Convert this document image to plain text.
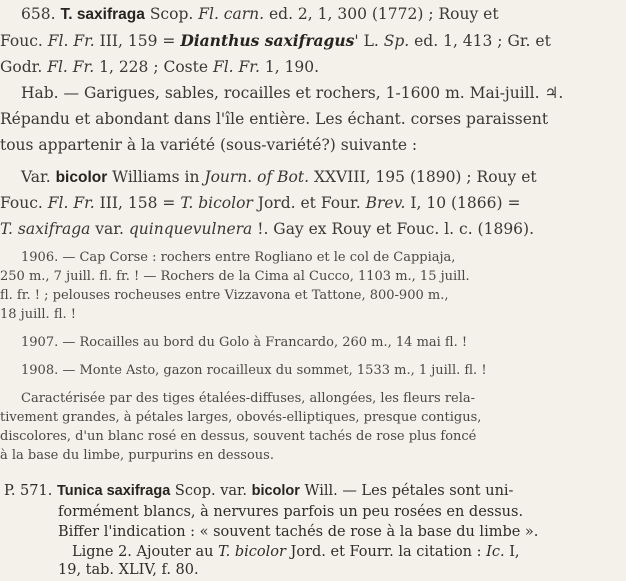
658. T. saxifraga Scop. Fl. carn. ed. 2, 1, 300 (1772) ; Rouy et

Fouc. Fl. Fr. III, 159 = Dianthus saxifragus' L. Sp. ed. 1, 413 ; Gr. et

Godr. Fl. Fr. 1, 228 ; Coste Fl. Fr. 1, 190.

Hab. — Garigues, sables, rocailles et rochers, 1-1600 m. Mai-juill. ♃.

Répandu et abondant dans l'île entière. Les échant. corses paraissent

tous appartenir à la variété (sous-variété?) suivante :

Var. bicolor Williams in Journ. of Bot. XXVIII, 195 (1890) ; Rouy et

Fouc. Fl. Fr. III, 158 = T. bicolor Jord. et Four. Brev. I, 10 (1866) =

T. saxifraga var. quinquevulnera !. Gay ex Rouy et Fouc. l. c. (1896).

1906. — Cap Corse : rochers entre Rogliano et le col de Cappiaja,

250 m., 7 juill. fl. fr. ! — Rochers de la Cima al Cucco, 1103 m., 15 juill.

fl. fr. ! ; pelouses rocheuses entre Vizzavona et Tattone, 800-900 m.,

18 juill. fl. !

1907. — Rocailles au bord du Golo à Francardo, 260 m., 14 mai fl. !

1908. — Monte Asto, gazon rocailleux du sommet, 1533 m., 1 juill. fl. !

Caractérisée par des tiges étalées-diffuses, allongées, les fleurs rela-

tivement grandes, à pétales larges, obovés-elliptiques, presque contigus,

discolores, d'un blanc rosé en dessus, souvent tachés de rose plus foncé

à la base du limbe, purpurins en dessous.

P. 571. Tunica saxifraga Scop. var. bicolor Will. — Les pétales sont uni-

formément blancs, à nervures parfois un peu rosées en dessus.

Biffer l'indication : « souvent tachés de rose à la base du limbe ».

Ligne 2. Ajouter au T. bicolor Jord. et Fourr. la citation : Ic. I,

19, tab. XLIV, f. 80.
